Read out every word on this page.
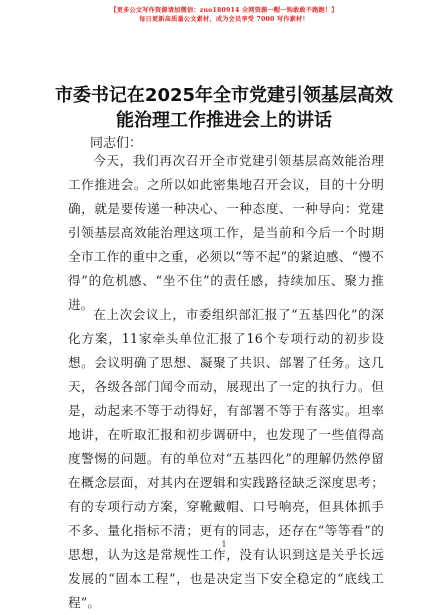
【更多公文写作资源请加微信：zuo180914 全网资源一帽一钩敢敢不跑跑！】
每日更新高质量公文素材，成为会员享受 7000 写作素材！
市委书记在2025年全市党建引领基层高效能治理工作推进会上的讲话
同志们：
今天，我们再次召开全市党建引领基层高效能治理工作推进会。之所以如此密集地召开会议，目的十分明确，就是要传递一种决心、一种态度、一种导向：党建引领基层高效能治理这项工作，是当前和今后一个时期全市工作的重中之重，必须以“等不起”的紧迫感、“慢不得”的危机感、“坐不住”的责任感，持续加压、聚力推进。
在上次会议上，市委组织部汇报了“五基四化”的深化方案，11家牵头单位汇报了16个专项行动的初步设想。会议明确了思想、凝聚了共识、部署了任务。这几天，各级各部门闻令而动，展现出了一定的执行力。但是，动起来不等于动得好，有部署不等于有落实。坦率地讲，在听取汇报和初步调研中，也发现了一些值得高度警惕的问题。有的单位对“五基四化”的理解仍然停留在概念层面，对其内在逻辑和实践路径缺乏深度思考；有的专项行动方案，穿靴戴帽、口号响亮，但具体抓手不多、量化指标不清；更有的同志，还存在“等等看”的思想，认为这是常规性工作，没有认识到这是关乎长远发展的“固本工程”，也是决定当下安全稳定的“底线工程”。
1
